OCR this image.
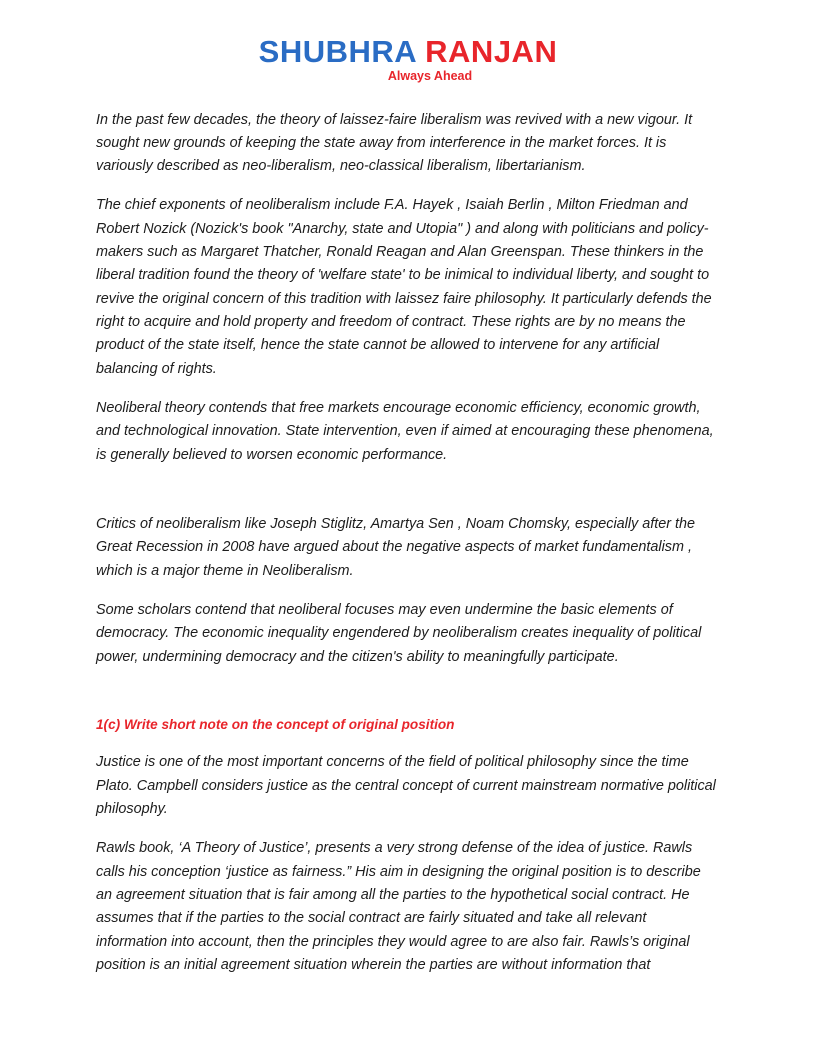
SHUBHRA RANJAN
Always Ahead

In the past few decades, the theory of laissez-faire liberalism was revived with a new vigour. It sought new grounds of keeping the state away from interference in the market forces. It is variously described as neo-liberalism, neo-classical liberalism, libertarianism.

The chief exponents of neoliberalism include F.A. Hayek , Isaiah Berlin , Milton Friedman and Robert Nozick (Nozick's book "Anarchy, state and Utopia" ) and along with politicians and policy-makers such as Margaret Thatcher, Ronald Reagan and Alan Greenspan. These thinkers in the liberal tradition found the theory of 'welfare state' to be inimical to individual liberty, and sought to revive the original concern of this tradition with laissez faire philosophy. It particularly defends the right to acquire and hold property and freedom of contract. These rights are by no means the product of the state itself, hence the state cannot be allowed to intervene for any artificial balancing of rights.

Neoliberal theory contends that free markets encourage economic efficiency, economic growth, and technological innovation. State intervention, even if aimed at encouraging these phenomena, is generally believed to worsen economic performance.

Critics of neoliberalism like Joseph Stiglitz, Amartya Sen , Noam Chomsky, especially after the Great Recession in 2008 have argued about the negative aspects of market fundamentalism , which is a major theme in Neoliberalism.

Some scholars contend that neoliberal focuses may even undermine the basic elements of democracy. The economic inequality engendered by neoliberalism creates inequality of political power, undermining democracy and the citizen's ability to meaningfully participate.

1(c) Write short note on the concept of original position

Justice is one of the most important concerns of the field of political philosophy since the time Plato. Campbell considers justice as the central concept of current mainstream normative political philosophy.

Rawls book, ‘A Theory of Justice’, presents a very strong defense of the idea of justice. Rawls calls his conception ‘justice as fairness.” His aim in designing the original position is to describe an agreement situation that is fair among all the parties to the hypothetical social contract. He assumes that if the parties to the social contract are fairly situated and take all relevant information into account, then the principles they would agree to are also fair. Rawls’s original position is an initial agreement situation wherein the parties are without information that
